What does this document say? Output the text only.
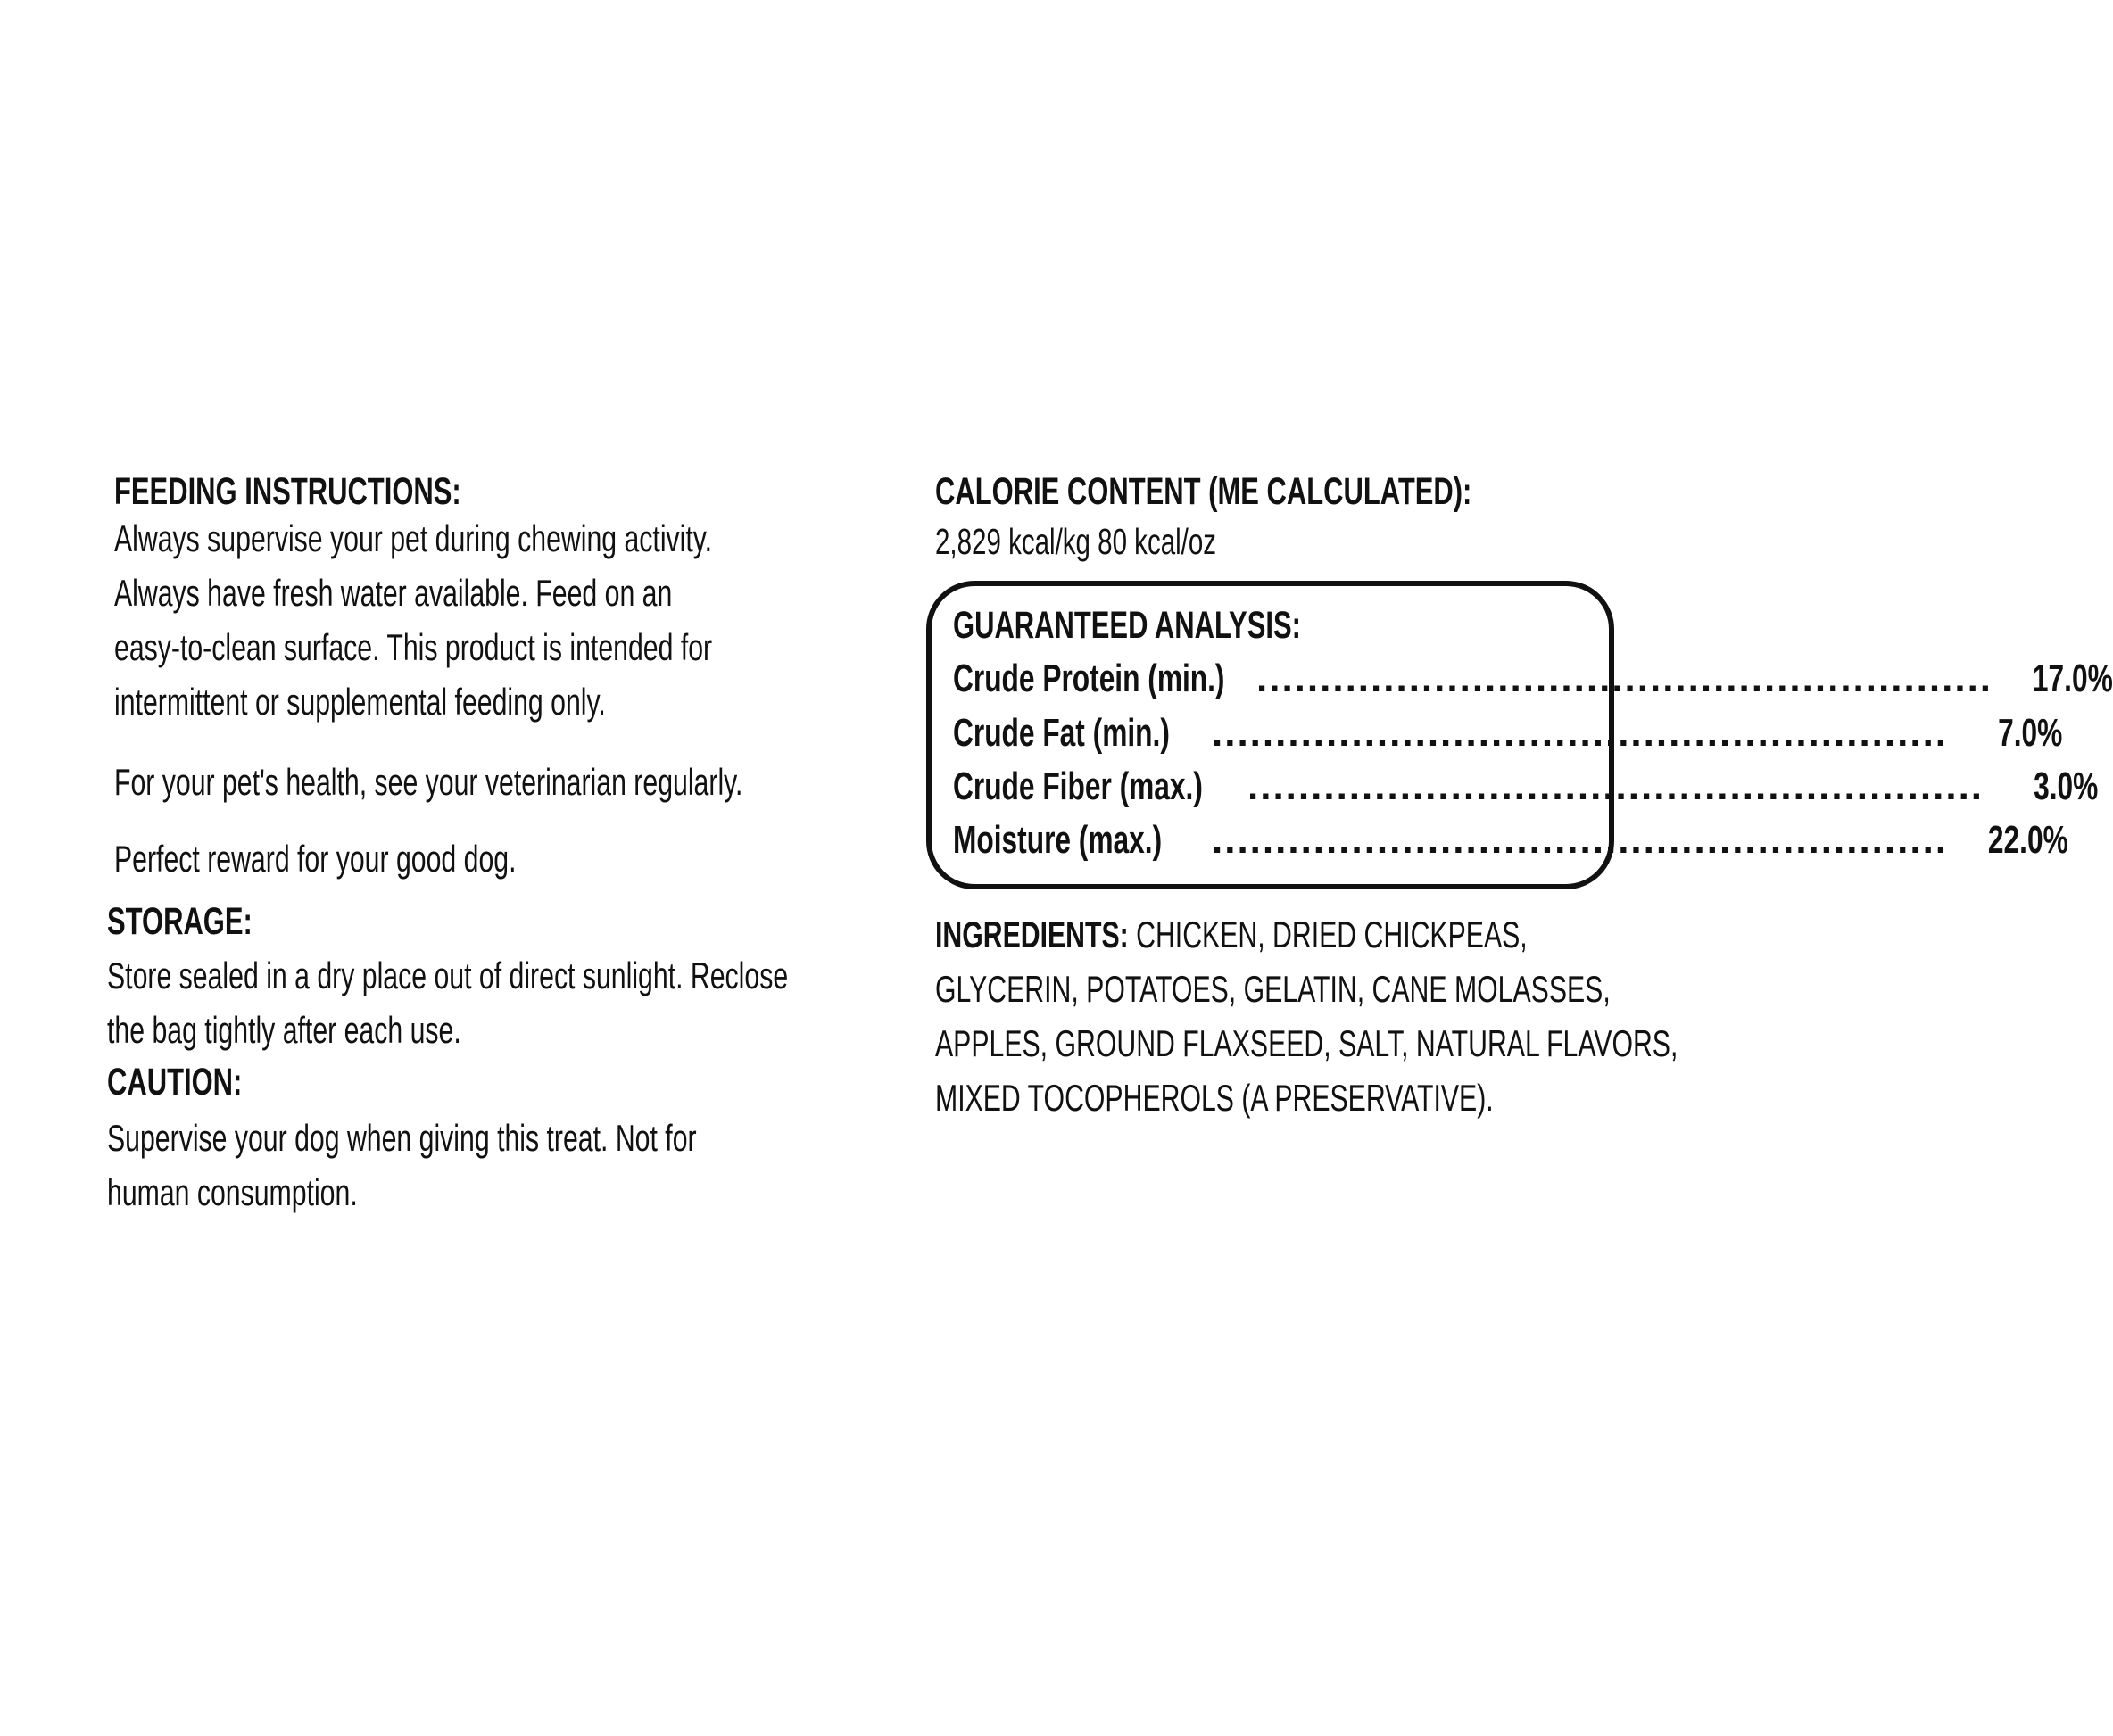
FEEDING INSTRUCTIONS:
Always supervise your pet during chewing activity.
Always have fresh water available. Feed on an
easy-to-clean surface. This product is intended for
intermittent or supplemental feeding only.
For your pet's health, see your veterinarian regularly.
Perfect reward for your good dog.
STORAGE:
Store sealed in a dry place out of direct sunlight. Reclose
the bag tightly after each use.
CAUTION:
Supervise your dog when giving this treat. Not for
human consumption.
CALORIE CONTENT (ME CALCULATED):
2,829 kcal/kg 80 kcal/oz
GUARANTEED ANALYSIS:
Crude Protein (min.) ..........................................................	17.0%
Crude Fat (min.)	..........................................................	7.0%
Crude Fiber (max.)	..........................................................	3.0%
Moisture (max.)	..........................................................	22.0%
INGREDIENTS: CHICKEN, DRIED CHICKPEAS,
GLYCERIN, POTATOES, GELATIN, CANE MOLASSES,
APPLES, GROUND FLAXSEED, SALT, NATURAL FLAVORS,
MIXED TOCOPHEROLS (A PRESERVATIVE).
